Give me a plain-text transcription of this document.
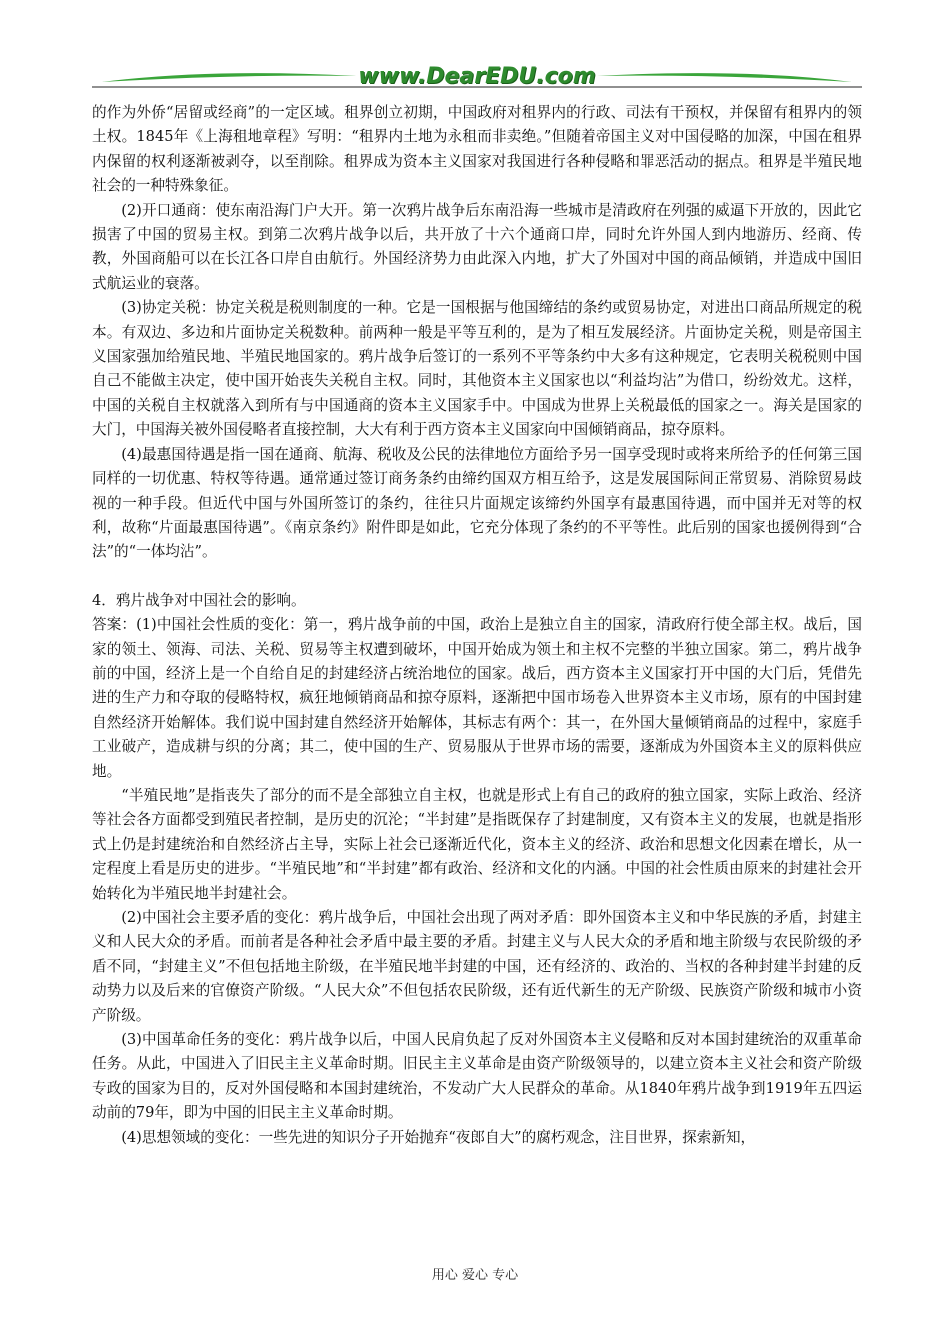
www.DearEDU.com

的作为外侨“居留或经商”的一定区域。租界创立初期，中国政府对租界内的行政、司法有干预权，并保留有租界内的领土权。1845年《上海租地章程》写明：“租界内土地为永租而非卖绝。”但随着帝国主义对中国侵略的加深，中国在租界内保留的权利逐渐被剥夺，以至削除。租界成为资本主义国家对我国进行各种侵略和罪恶活动的据点。租界是半殖民地社会的一种特殊象征。

(2)开口通商：使东南沿海门户大开。第一次鸦片战争后东南沿海一些城市是清政府在列强的威逼下开放的，因此它损害了中国的贸易主权。到第二次鸦片战争以后，共开放了十六个通商口岸，同时允许外国人到内地游历、经商、传教，外国商船可以在长江各口岸自由航行。外国经济势力由此深入内地，扩大了外国对中国的商品倾销，并造成中国旧式航运业的衰落。

(3)协定关税：协定关税是税则制度的一种。它是一国根据与他国缔结的条约或贸易协定，对进出口商品所规定的税本。有双边、多边和片面协定关税数种。前两种一般是平等互利的，是为了相互发展经济。片面协定关税，则是帝国主义国家强加给殖民地、半殖民地国家的。鸦片战争后签订的一系列不平等条约中大多有这种规定，它表明关税税则中国自己不能做主决定，使中国开始丧失关税自主权。同时，其他资本主义国家也以“利益均沾”为借口，纷纷效尤。这样，中国的关税自主权就落入到所有与中国通商的资本主义国家手中。中国成为世界上关税最低的国家之一。海关是国家的大门，中国海关被外国侵略者直接控制，大大有利于西方资本主义国家向中国倾销商品，掠夺原料。

(4)最惠国待遇是指一国在通商、航海、税收及公民的法律地位方面给予另一国享受现时或将来所给予的任何第三国同样的一切优惠、特权等待遇。通常通过签订商务条约由缔约国双方相互给予，这是发展国际间正常贸易、消除贸易歧视的一种手段。但近代中国与外国所签订的条约，往往只片面规定该缔约外国享有最惠国待遇，而中国并无对等的权利，故称“片面最惠国待遇”。《南京条约》附件即是如此，它充分体现了条约的不平等性。此后别的国家也援例得到“合法”的“一体均沾”。

4．鸦片战争对中国社会的影响。

答案：(1)中国社会性质的变化：第一，鸦片战争前的中国，政治上是独立自主的国家，清政府行使全部主权。战后，国家的领土、领海、司法、关税、贸易等主权遭到破坏，中国开始成为领土和主权不完整的半独立国家。第二，鸦片战争前的中国，经济上是一个自给自足的封建经济占统治地位的国家。战后，西方资本主义国家打开中国的大门后，凭借先进的生产力和夺取的侵略特权，疯狂地倾销商品和掠夺原料，逐渐把中国市场卷入世界资本主义市场，原有的中国封建自然经济开始解体。我们说中国封建自然经济开始解体，其标志有两个：其一，在外国大量倾销商品的过程中，家庭手工业破产，造成耕与织的分离；其二，使中国的生产、贸易服从于世界市场的需要，逐渐成为外国资本主义的原料供应地。

“半殖民地”是指丧失了部分的而不是全部独立自主权，也就是形式上有自己的政府的独立国家，实际上政治、经济等社会各方面都受到殖民者控制，是历史的沉沦；“半封建”是指既保存了封建制度，又有资本主义的发展，也就是指形式上仍是封建统治和自然经济占主导，实际上社会已逐渐近代化，资本主义的经济、政治和思想文化因素在增长，从一定程度上看是历史的进步。“半殖民地”和“半封建”都有政治、经济和文化的内涵。中国的社会性质由原来的封建社会开始转化为半殖民地半封建社会。

(2)中国社会主要矛盾的变化：鸦片战争后，中国社会出现了两对矛盾：即外国资本主义和中华民族的矛盾，封建主义和人民大众的矛盾。而前者是各种社会矛盾中最主要的矛盾。封建主义与人民大众的矛盾和地主阶级与农民阶级的矛盾不同，“封建主义”不但包括地主阶级，在半殖民地半封建的中国，还有经济的、政治的、当权的各种封建半封建的反动势力以及后来的官僚资产阶级。“人民大众”不但包括农民阶级，还有近代新生的无产阶级、民族资产阶级和城市小资产阶级。

(3)中国革命任务的变化：鸦片战争以后，中国人民肩负起了反对外国资本主义侵略和反对本国封建统治的双重革命任务。从此，中国进入了旧民主主义革命时期。旧民主主义革命是由资产阶级领导的，以建立资本主义社会和资产阶级专政的国家为目的，反对外国侵略和本国封建统治，不发动广大人民群众的革命。从1840年鸦片战争到1919年五四运动前的79年，即为中国的旧民主主义革命时期。

(4)思想领域的变化：一些先进的知识分子开始抛弃“夜郎自大”的腐朽观念，注目世界，探索新知，

用心 爱心 专心
